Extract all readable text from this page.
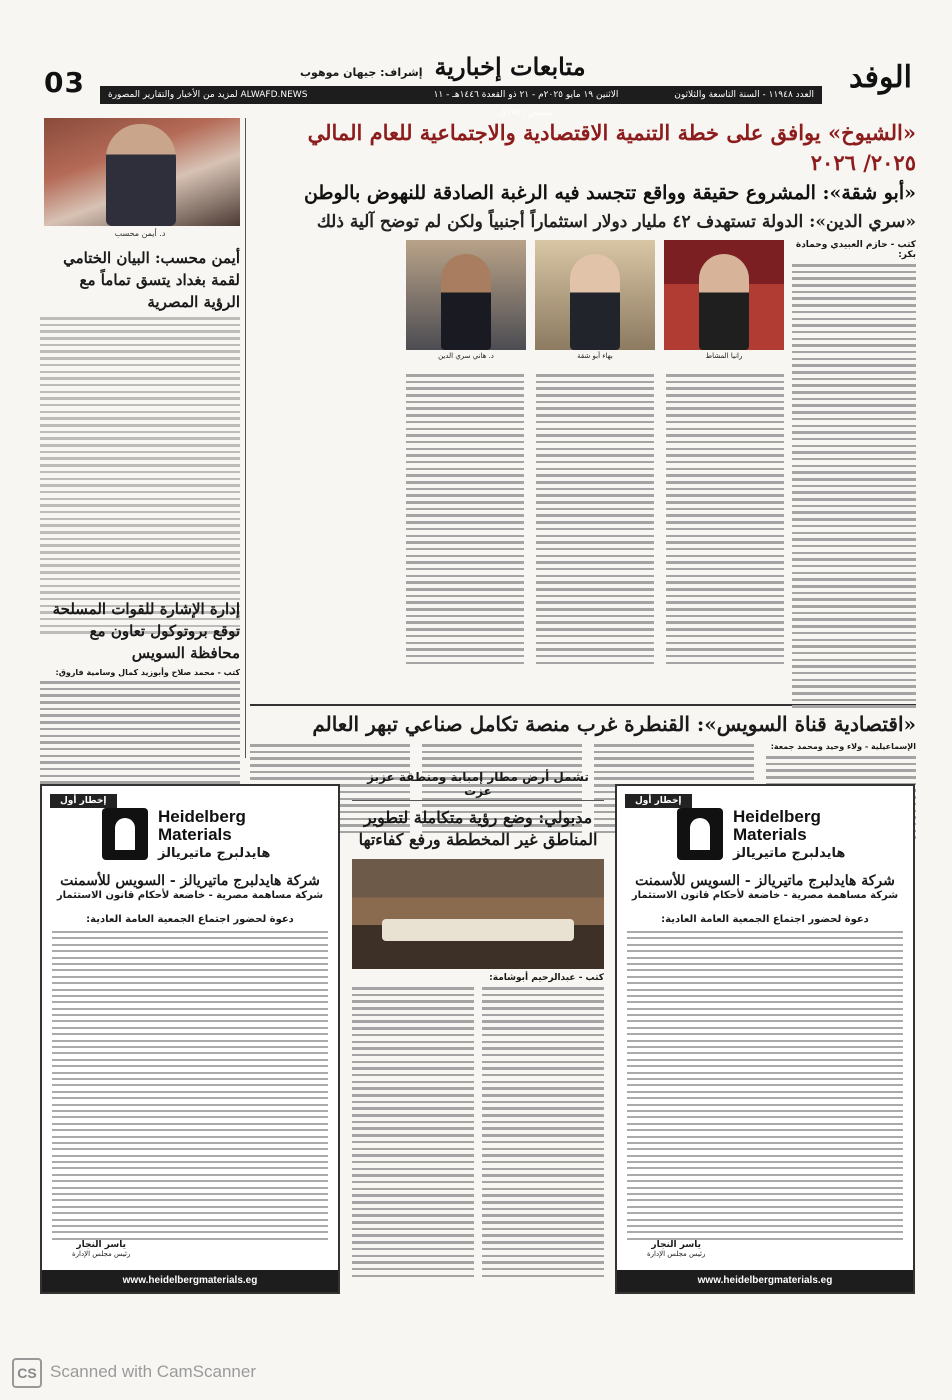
03	إشراف: جيهان موهوب متابعات إخبارية	الوفد
ALWAFD.NEWS لمزيد من الأخبار والتقارير المصورة	الاثنين ١٩ مايو ٢٠٢٥م - ٢١ ذو القعدة ١٤٤٦هـ - ١١ بشنس ١٧٤١ق
العدد ١١٩٤٨ - السنة التاسعة والثلاثون
د. أيمن محسب
أيمن محسب: البيان الختامي لقمة بغداد يتسق تماماً مع الرؤية المصرية
إدارة الإشارة للقوات المسلحة توقع بروتوكول تعاون مع محافظة السويس
كتب - محمد صلاح وأبوزيد كمال وسامية فاروق:
«الشيوخ» يوافق على خطة التنمية الاقتصادية والاجتماعية للعام المالي ٢٠٢٥/ ٢٠٢٦
«أبو شقة»: المشروع حقيقة وواقع تتجسد فيه الرغبة الصادقة للنهوض بالوطن
«سري الدين»: الدولة تستهدف ٤٢ مليار دولار استثماراً أجنبياً ولكن لم توضح آلية ذلك
كتب - حازم العبيدي وحمادة بكر:
رانيا المشاط
بهاء أبو شقة
د. هاني سري الدين
«اقتصادية قناة السويس»: القنطرة غرب منصة تكامل صناعي تبهر العالم
الإسماعيلية - ولاء وحيد ومحمد جمعة:
إخطار أول
Heidelberg
Materials
هايدلبرج ماتيريالز
شركة هايدلبرج ماتيريالز - السويس للأسمنت
شركة مساهمة مصرية - خاضعة لأحكام قانون الاستثمار
دعوة لحضور اجتماع الجمعية العامة العادية:
ياسر النجار
رئيس مجلس الإدارة
www.heidelbergmaterials.eg
تشمل أرض مطار إمبابة ومنطقة عزبز عزت
مدبولي: وضع رؤية متكاملة لتطوير المناطق غير المخططة ورفع كفاءتها
كتب - عبدالرحيم أبوشامة:
إخطار أول
Heidelberg
Materials
هايدلبرج ماتيريالز
شركة هايدلبرج ماتيريالز - السويس للأسمنت
شركة مساهمة مصرية - خاضعة لأحكام قانون الاستثمار
دعوة لحضور اجتماع الجمعية العامة العادية:
ياسر النجار
رئيس مجلس الإدارة
www.heidelbergmaterials.eg
CS Scanned with CamScanner
